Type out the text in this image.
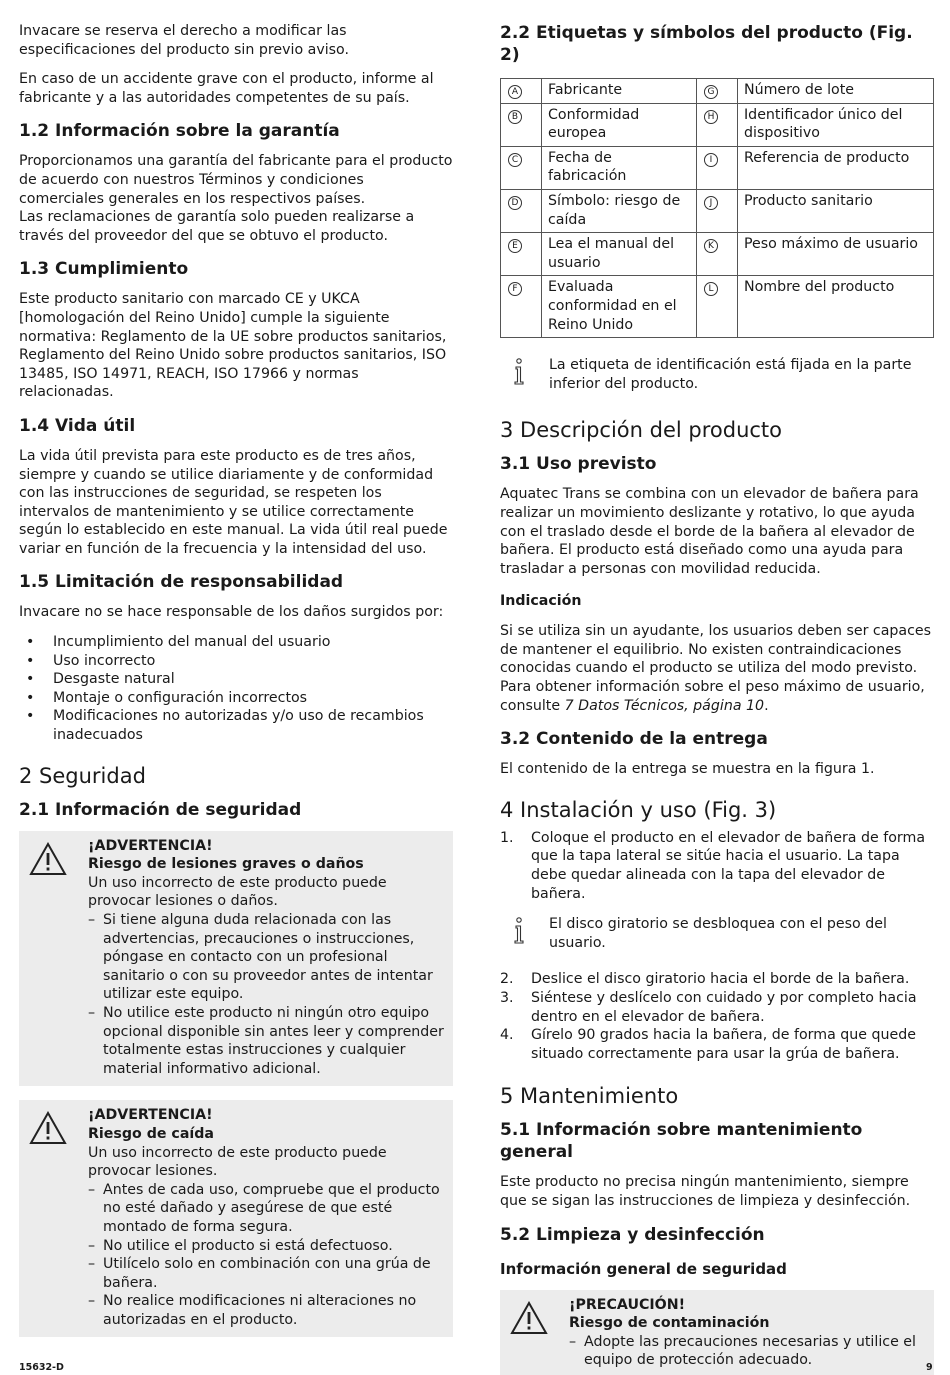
Invacare se reserva el derecho a modificar las especificaciones del producto sin previo aviso.

En caso de un accidente grave con el producto, informe al fabricante y a las autoridades competentes de su país.

1.2 Información sobre la garantía

Proporcionamos una garantía del fabricante para el producto de acuerdo con nuestros Términos y condiciones comerciales generales en los respectivos países.
Las reclamaciones de garantía solo pueden realizarse a través del proveedor del que se obtuvo el producto.

1.3 Cumplimiento

Este producto sanitario con marcado CE y UKCA [homologación del Reino Unido] cumple la siguiente normativa: Reglamento de la UE sobre productos sanitarios, Reglamento del Reino Unido sobre productos sanitarios, ISO 13485, ISO 14971, REACH, ISO 17966 y normas relacionadas.

1.4 Vida útil

La vida útil prevista para este producto es de tres años, siempre y cuando se utilice diariamente y de conformidad con las instrucciones de seguridad, se respeten los intervalos de mantenimiento y se utilice correctamente según lo establecido en este manual. La vida útil real puede variar en función de la frecuencia y la intensidad del uso.

1.5 Limitación de responsabilidad

Invacare no se hace responsable de los daños surgidos por:

• Incumplimiento del manual del usuario
• Uso incorrecto
• Desgaste natural
• Montaje o configuración incorrectos
• Modificaciones no autorizadas y/o uso de recambios inadecuados
2 Seguridad
2.1 Información de seguridad
¡ADVERTENCIA!
Riesgo de lesiones graves o daños

Un uso incorrecto de este producto puede provocar lesiones o daños.

– Si tiene alguna duda relacionada con las advertencias, precauciones o instrucciones, póngase en contacto con un profesional sanitario o con su proveedor antes de intentar utilizar este equipo.
– No utilice este producto ni ningún otro equipo opcional disponible sin antes leer y comprender totalmente estas instrucciones y cualquier material informativo adicional.
¡ADVERTENCIA!
Riesgo de caída

Un uso incorrecto de este producto puede provocar lesiones.

– Antes de cada uso, compruebe que el producto no esté dañado y asegúrese de que esté montado de forma segura.
– No utilice el producto si está defectuoso.
– Utilícelo solo en combinación con una grúa de bañera.
– No realice modificaciones ni alteraciones no autorizadas en el producto.
2.2 Etiquetas y símbolos del producto (Fig. 2)
A	Fabricante	G	Número de lote
B	Conformidad europea	H	Identificador único del dispositivo
C	Fecha de fabricación	I	Referencia de producto
D	Símbolo: riesgo de caída	J	Producto sanitario
E	Lea el manual del usuario	K	Peso máximo de usuario
F	Evaluada conformidad en el Reino Unido	L	Nombre del producto

La etiqueta de identificación está fijada en la parte inferior del producto.

3 Descripción del producto
3.1 Uso previsto

Aquatec Trans se combina con un elevador de bañera para realizar un movimiento deslizante y rotativo, lo que ayuda con el traslado desde el borde de la bañera al elevador de bañera. El producto está diseñado como una ayuda para trasladar a personas con movilidad reducida.

Indicación

Si se utiliza sin un ayudante, los usuarios deben ser capaces de mantener el equilibrio. No existen contraindicaciones conocidas cuando el producto se utiliza del modo previsto. Para obtener información sobre el peso máximo de usuario, consulte 7 Datos Técnicos, página 10.

3.2 Contenido de la entrega

El contenido de la entrega se muestra en la figura 1.

4 Instalación y uso (Fig. 3)
1. Coloque el producto en el elevador de bañera de forma que la tapa lateral se sitúe hacia el usuario. La tapa debe quedar alineada con la tapa del elevador de bañera.

El disco giratorio se desbloquea con el peso del usuario.

2. Deslice el disco giratorio hacia el borde de la bañera.
3. Siéntese y deslícelo con cuidado y por completo hacia dentro en el elevador de bañera.
4. Gírelo 90 grados hacia la bañera, de forma que quede situado correctamente para usar la grúa de bañera.
5 Mantenimiento
5.1 Información sobre mantenimiento general

Este producto no precisa ningún mantenimiento, siempre que se sigan las instrucciones de limpieza y desinfección.

5.2 Limpieza y desinfección
Información general de seguridad
¡PRECAUCIÓN!
Riesgo de contaminación
– Adopte las precauciones necesarias y utilice el equipo de protección adecuado.
15632-D	9
